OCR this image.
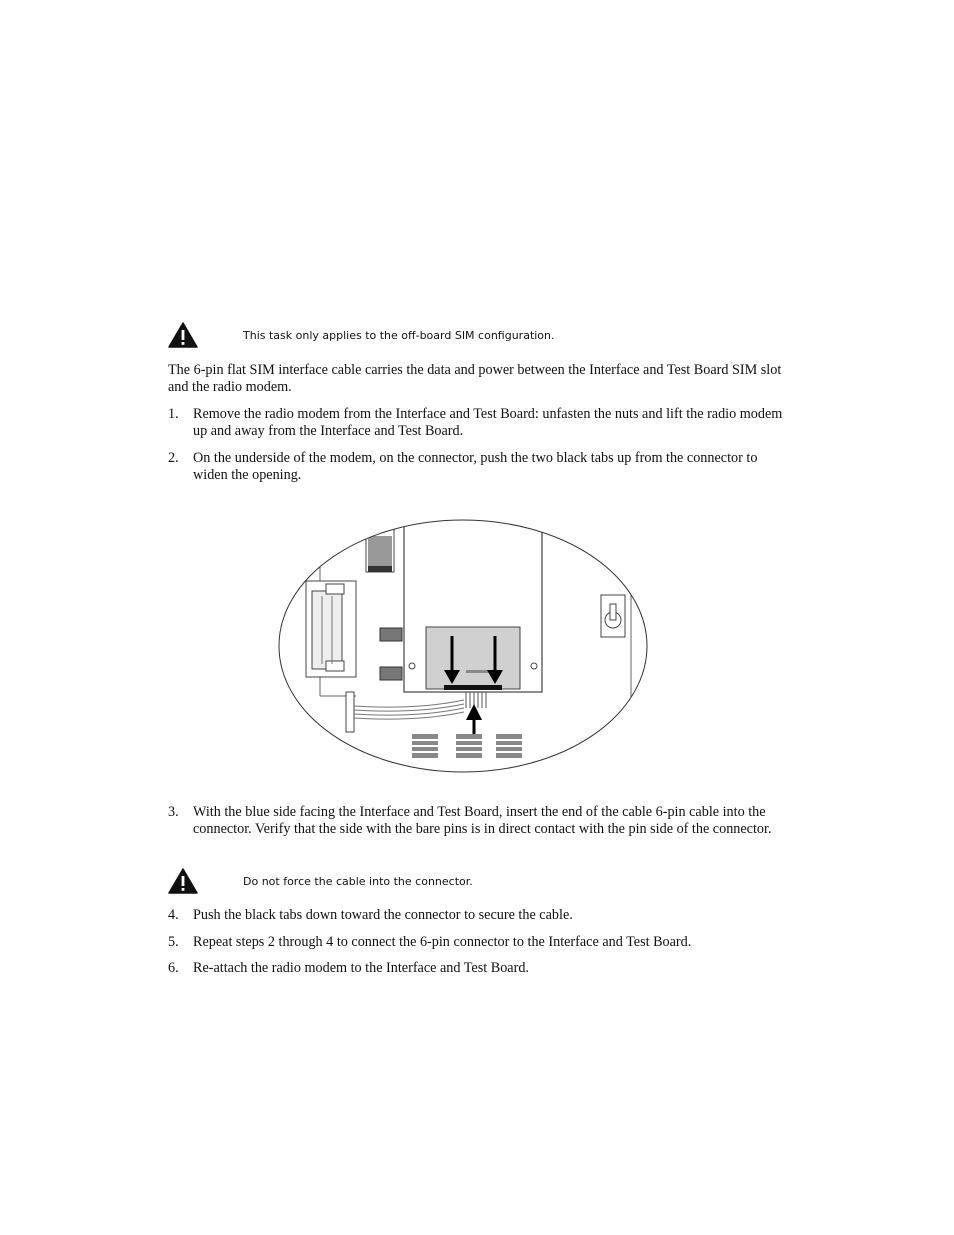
This task only applies to the off-board SIM configuration.
The 6-pin flat SIM interface cable carries the data and power between the Interface and Test Board SIM slot and the radio modem.
1.	Remove the radio modem from the Interface and Test Board: unfasten the nuts and lift the radio modem up and away from the Interface and Test Board.
2.	On the underside of the modem, on the connector, push the two black tabs up from the connector to widen the opening.
3.	With the blue side facing the Interface and Test Board, insert the end of the cable 6-pin cable into the connector. Verify that the side with the bare pins is in direct contact with the pin side of the connector.
Do not force the cable into the connector.
4.	Push the black tabs down toward the connector to secure the cable.
5.	Repeat steps 2 through 4 to connect the 6-pin connector to the Interface and Test Board.
6.	Re-attach the radio modem to the Interface and Test Board.
